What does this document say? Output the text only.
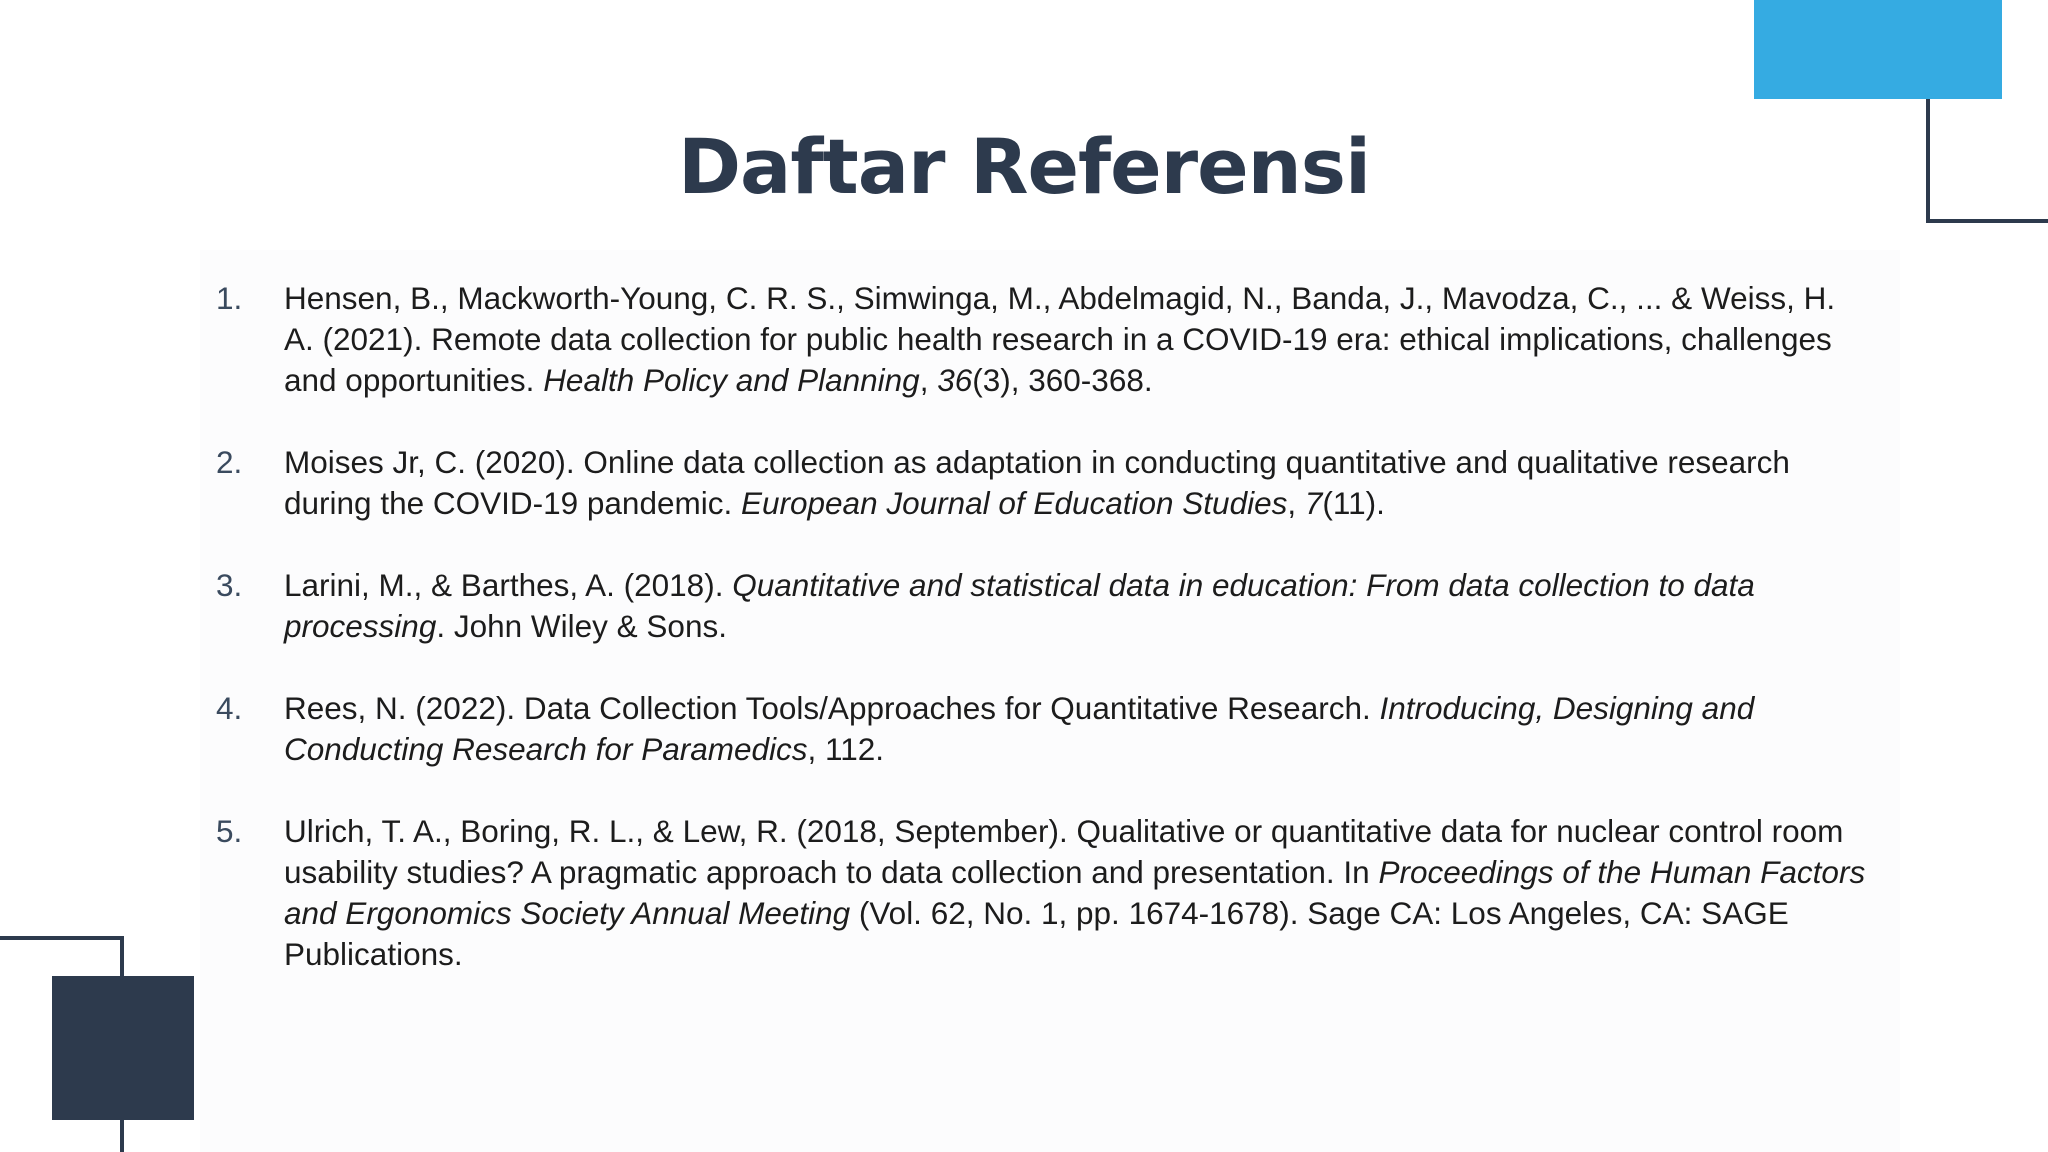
Daftar Referensi
1. Hensen, B., Mackworth-Young, C. R. S., Simwinga, M., Abdelmagid, N., Banda, J., Mavodza, C., ... & Weiss, H. A. (2021). Remote data collection for public health research in a COVID-19 era: ethical implications, challenges and opportunities. Health Policy and Planning, 36(3), 360-368.
2. Moises Jr, C. (2020). Online data collection as adaptation in conducting quantitative and qualitative research during the COVID-19 pandemic. European Journal of Education Studies, 7(11).
3. Larini, M., & Barthes, A. (2018). Quantitative and statistical data in education: From data collection to data processing. John Wiley & Sons.
4. Rees, N. (2022). Data Collection Tools/Approaches for Quantitative Research. Introducing, Designing and Conducting Research for Paramedics, 112.
5. Ulrich, T. A., Boring, R. L., & Lew, R. (2018, September). Qualitative or quantitative data for nuclear control room usability studies? A pragmatic approach to data collection and presentation. In Proceedings of the Human Factors and Ergonomics Society Annual Meeting (Vol. 62, No. 1, pp. 1674-1678). Sage CA: Los Angeles, CA: SAGE Publications.
